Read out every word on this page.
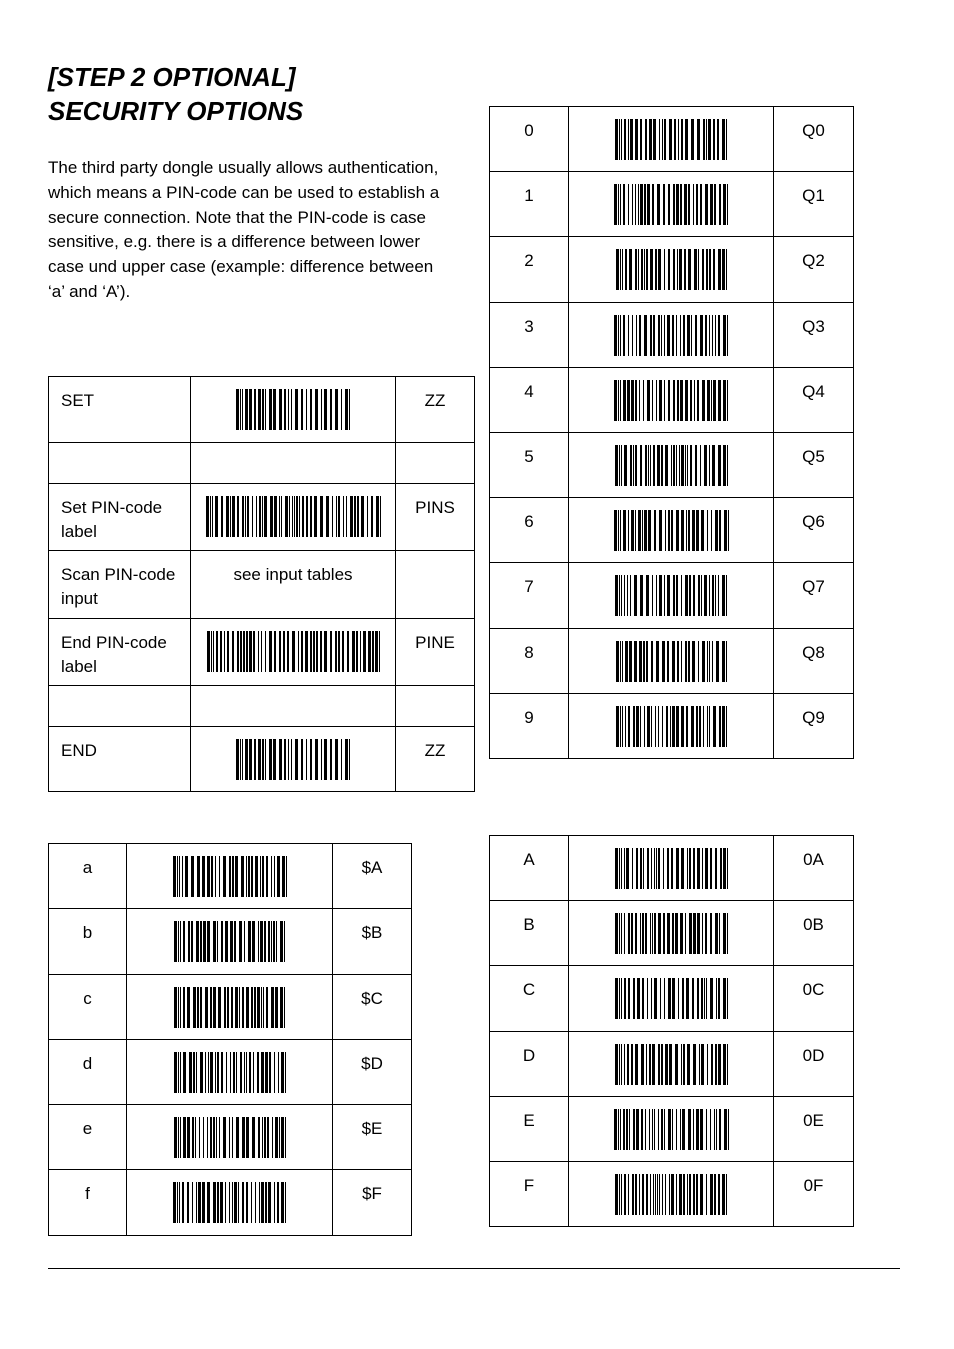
[STEP 2 OPTIONAL]
SECURITY OPTIONS

The third party dongle usually allows authentication, which means a PIN-code can be used to establish a secure connection. Note that the PIN-code is case sensitive, e.g. there is a difference between lower case und upper case (example: difference between ‘a’ and ‘A’).

SET		ZZ

Set PIN-code label		PINS
Scan PIN-code input	see input tables	

End PIN-code label		PINE

END		ZZ
0		Q0
1		Q1
2		Q2
3		Q3
4		Q4
5		Q5
6		Q6
7		Q7
8		Q8
9		Q9
a		$A
b		$B
c		$C
d		$D
e		$E
f		$F
A		0A
B		0B
C		0C
D		0D
E		0E
F		0F
